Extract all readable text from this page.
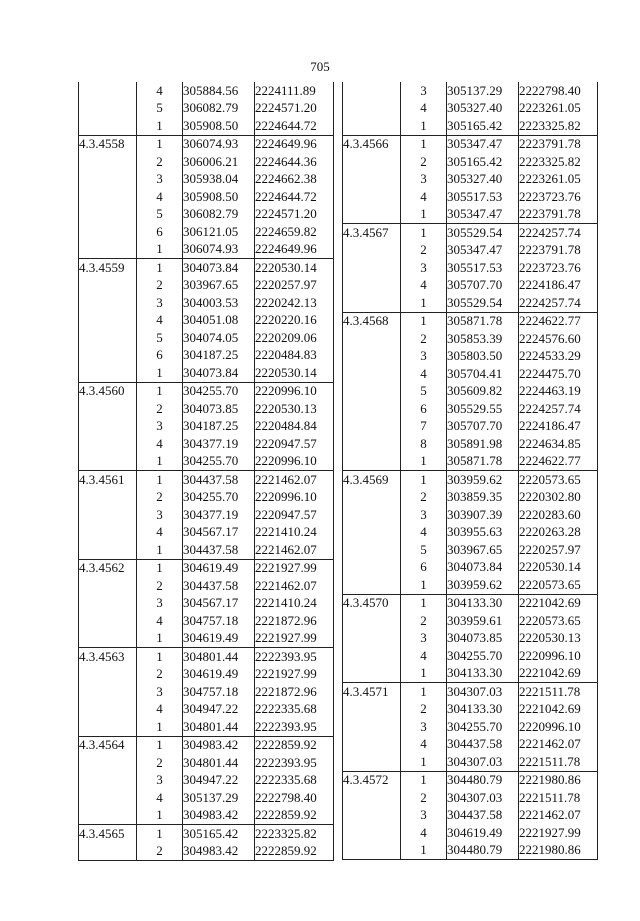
705
	4	305884.56	2224111.89
	5	306082.79	2224571.20
	1	305908.50	2224644.72
4.3.4558	1	306074.93	2224649.96
	2	306006.21	2224644.36
	3	305938.04	2224662.38
	4	305908.50	2224644.72
	5	306082.79	2224571.20
	6	306121.05	2224659.82
	1	306074.93	2224649.96
4.3.4559	1	304073.84	2220530.14
	2	303967.65	2220257.97
	3	304003.53	2220242.13
	4	304051.08	2220220.16
	5	304074.05	2220209.06
	6	304187.25	2220484.83
	1	304073.84	2220530.14
4.3.4560	1	304255.70	2220996.10
	2	304073.85	2220530.13
	3	304187.25	2220484.84
	4	304377.19	2220947.57
	1	304255.70	2220996.10
4.3.4561	1	304437.58	2221462.07
	2	304255.70	2220996.10
	3	304377.19	2220947.57
	4	304567.17	2221410.24
	1	304437.58	2221462.07
4.3.4562	1	304619.49	2221927.99
	2	304437.58	2221462.07
	3	304567.17	2221410.24
	4	304757.18	2221872.96
	1	304619.49	2221927.99
4.3.4563	1	304801.44	2222393.95
	2	304619.49	2221927.99
	3	304757.18	2221872.96
	4	304947.22	2222335.68
	1	304801.44	2222393.95
4.3.4564	1	304983.42	2222859.92
	2	304801.44	2222393.95
	3	304947.22	2222335.68
	4	305137.29	2222798.40
	1	304983.42	2222859.92
4.3.4565	1	305165.42	2223325.82
	2	304983.42	2222859.92
	3	305137.29	2222798.40
	4	305327.40	2223261.05
	1	305165.42	2223325.82
4.3.4566	1	305347.47	2223791.78
	2	305165.42	2223325.82
	3	305327.40	2223261.05
	4	305517.53	2223723.76
	1	305347.47	2223791.78
4.3.4567	1	305529.54	2224257.74
	2	305347.47	2223791.78
	3	305517.53	2223723.76
	4	305707.70	2224186.47
	1	305529.54	2224257.74
4.3.4568	1	305871.78	2224622.77
	2	305853.39	2224576.60
	3	305803.50	2224533.29
	4	305704.41	2224475.70
	5	305609.82	2224463.19
	6	305529.55	2224257.74
	7	305707.70	2224186.47
	8	305891.98	2224634.85
	1	305871.78	2224622.77
4.3.4569	1	303959.62	2220573.65
	2	303859.35	2220302.80
	3	303907.39	2220283.60
	4	303955.63	2220263.28
	5	303967.65	2220257.97
	6	304073.84	2220530.14
	1	303959.62	2220573.65
4.3.4570	1	304133.30	2221042.69
	2	303959.61	2220573.65
	3	304073.85	2220530.13
	4	304255.70	2220996.10
	1	304133.30	2221042.69
4.3.4571	1	304307.03	2221511.78
	2	304133.30	2221042.69
	3	304255.70	2220996.10
	4	304437.58	2221462.07
	1	304307.03	2221511.78
4.3.4572	1	304480.79	2221980.86
	2	304307.03	2221511.78
	3	304437.58	2221462.07
	4	304619.49	2221927.99
	1	304480.79	2221980.86
